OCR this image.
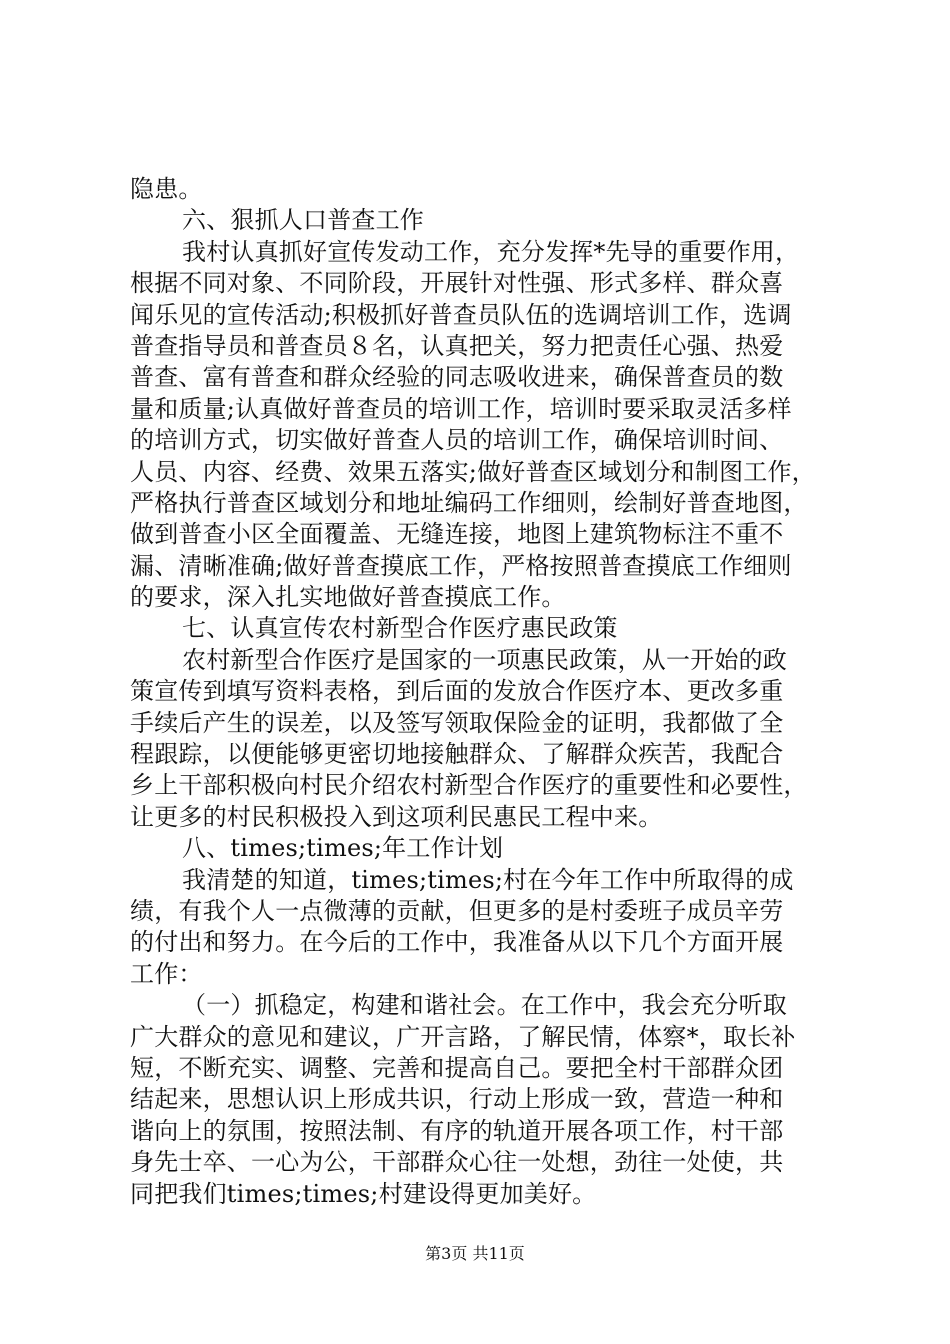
隐患。
六、狠抓人口普查工作
我村认真抓好宣传发动工作，充分发挥*先导的重要作用，
根据不同对象、不同阶段，开展针对性强、形式多样、群众喜
闻乐见的宣传活动;积极抓好普查员队伍的选调培训工作，选调
普查指导员和普查员８名，认真把关，努力把责任心强、热爱
普查、富有普查和群众经验的同志吸收进来，确保普查员的数
量和质量;认真做好普查员的培训工作，培训时要采取灵活多样
的培训方式，切实做好普查人员的培训工作，确保培训时间、
人员、内容、经费、效果五落实;做好普查区域划分和制图工作，
严格执行普查区域划分和地址编码工作细则，绘制好普查地图，
做到普查小区全面覆盖、无缝连接，地图上建筑物标注不重不
漏、清晰准确;做好普查摸底工作，严格按照普查摸底工作细则
的要求，深入扎实地做好普查摸底工作。
七、认真宣传农村新型合作医疗惠民政策
农村新型合作医疗是国家的一项惠民政策，从一开始的政
策宣传到填写资料表格，到后面的发放合作医疗本、更改多重
手续后产生的误差，以及签写领取保险金的证明，我都做了全
程跟踪，以便能够更密切地接触群众、了解群众疾苦，我配合
乡上干部积极向村民介绍农村新型合作医疗的重要性和必要性，
让更多的村民积极投入到这项利民惠民工程中来。
八、times;times;年工作计划
我清楚的知道，times;times;村在今年工作中所取得的成
绩，有我个人一点微薄的贡献，但更多的是村委班子成员辛劳
的付出和努力。在今后的工作中，我准备从以下几个方面开展
工作：
（一）抓稳定，构建和谐社会。在工作中，我会充分听取
广大群众的意见和建议，广开言路，了解民情，体察*，取长补
短，不断充实、调整、完善和提高自己。要把全村干部群众团
结起来，思想认识上形成共识，行动上形成一致，营造一种和
谐向上的氛围，按照法制、有序的轨道开展各项工作，村干部
身先士卒、一心为公，干部群众心往一处想，劲往一处使，共
同把我们times;times;村建设得更加美好。
第3页 共11页
